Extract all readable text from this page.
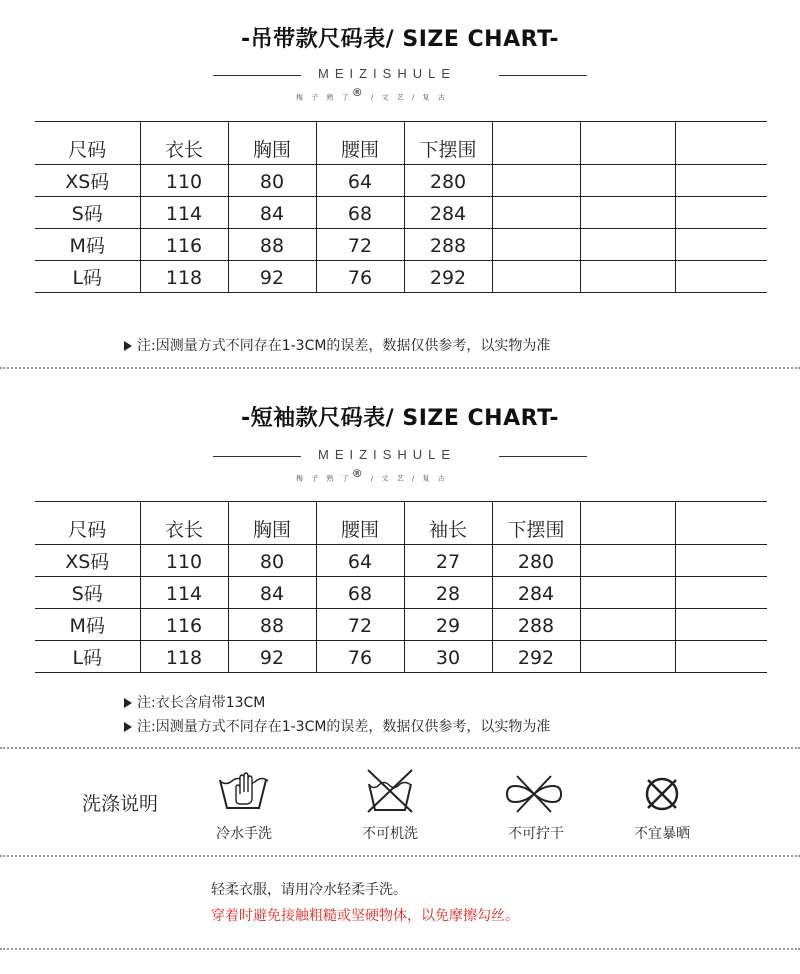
-吊带款尺码表/ SIZE CHART-
MEIZISHULE
梅 子 熟 了® / 文 艺 / 复 古
尺码	衣长	胸围	腰围	下摆围			
XS码	110	80	64	280			
S码	114	84	68	284			
M码	116	88	72	288			
L码	118	92	76	292			
注:因测量方式不同存在1-3CM的误差，数据仅供参考，以实物为准
-短袖款尺码表/ SIZE CHART-
MEIZISHULE
梅 子 熟 了® / 文 艺 / 复 古
尺码	衣长	胸围	腰围	袖长	下摆围		
XS码	110	80	64	27	280		
S码	114	84	68	28	284		
M码	116	88	72	29	288		
L码	118	92	76	30	292		
注:衣长含肩带13CM
注:因测量方式不同存在1-3CM的误差，数据仅供参考，以实物为准
洗涤说明
冷水手洗	不可机洗	不可拧干	不宜暴晒
轻柔衣服，请用冷水轻柔手洗。
穿着时避免接触粗糙或坚硬物体，以免摩擦勾丝。
